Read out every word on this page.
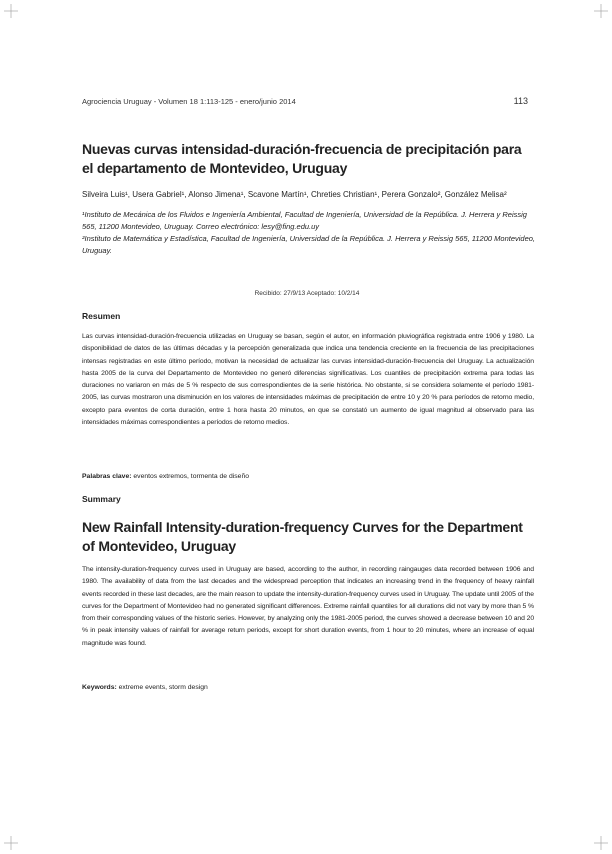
Agrociencia Uruguay - Volumen 18 1:113-125 - enero/junio 2014	113
Nuevas curvas intensidad-duración-frecuencia de precipitación para el departamento de Montevideo, Uruguay
Silveira Luis¹, Usera Gabriel¹, Alonso Jimena¹, Scavone Martín¹, Chreties Christian¹, Perera Gonzalo², González Melisa²
¹Instituto de Mecánica de los Fluidos e Ingeniería Ambiental, Facultad de Ingeniería, Universidad de la República. J. Herrera y Reissig 565, 11200 Montevideo, Uruguay. Correo electrónico: lesy@fing.edu.uy
²Instituto de Matemática y Estadística, Facultad de Ingeniería, Universidad de la República. J. Herrera y Reissig 565, 11200 Montevideo, Uruguay.
Recibido: 27/9/13 Aceptado: 10/2/14
Resumen

Las curvas intensidad-duración-frecuencia utilizadas en Uruguay se basan, según el autor, en información pluviográfica registrada entre 1906 y 1980. La disponibilidad de datos de las últimas décadas y la percepción generalizada que indica una tendencia creciente en la frecuencia de las precipitaciones intensas registradas en este último período, motivan la necesidad de actualizar las curvas intensidad-duración-frecuencia del Uruguay. La actualización hasta 2005 de la curva del Departamento de Montevideo no generó diferencias significativas. Los cuantiles de precipitación extrema para todas las duraciones no variaron en más de 5 % respecto de sus correspondientes de la serie histórica. No obstante, si se considera solamente el período 1981-2005, las curvas mostraron una disminución en los valores de intensidades máximas de precipitación de entre 10 y 20 % para períodos de retorno medio, excepto para eventos de corta duración, entre 1 hora hasta 20 minutos, en que se constató un aumento de igual magnitud al observado para las intensidades máximas correspondientes a períodos de retorno medios.

Palabras clave: eventos extremos, tormenta de diseño
Summary
New Rainfall Intensity-duration-frequency Curves for the Department of Montevideo, Uruguay

The intensity-duration-frequency curves used in Uruguay are based, according to the author, in recording raingauges data recorded between 1906 and 1980. The availability of data from the last decades and the widespread perception that indicates an increasing trend in the frequency of heavy rainfall events recorded in these last decades, are the main reason to update the intensity-duration-frequency curves used in Uruguay. The update until 2005 of the curves for the Department of Montevideo had no generated significant differences. Extreme rainfall quantiles for all durations did not vary by more than 5 % from their corresponding values of the historic series. However, by analyzing only the 1981-2005 period, the curves showed a decrease between 10 and 20 % in peak intensity values of rainfall for average return periods, except for short duration events, from 1 hour to 20 minutes, where an increase of equal magnitude was found.

Keywords: extreme events, storm design
